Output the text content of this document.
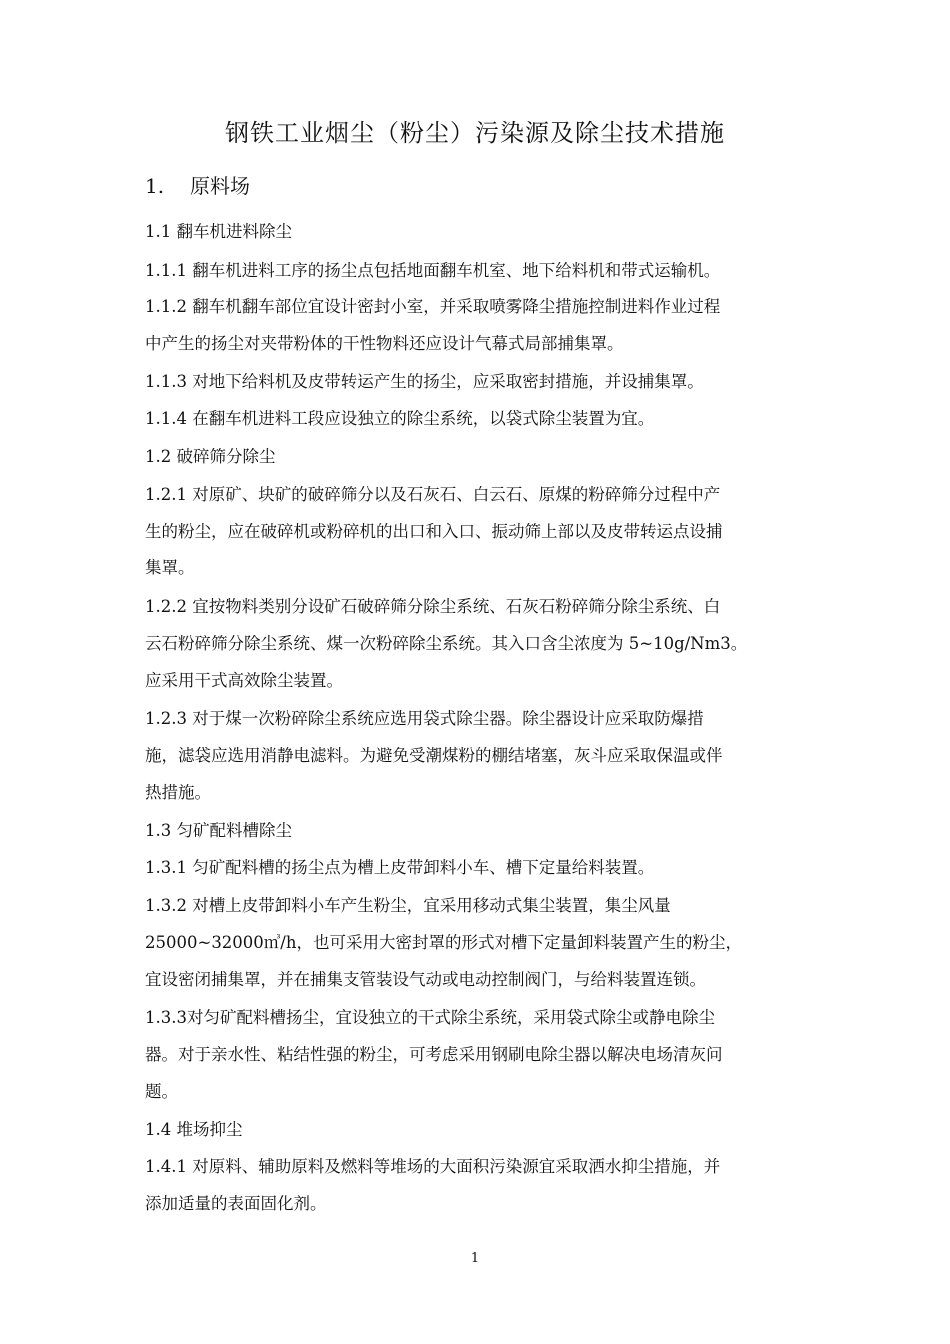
钢铁工业烟尘（粉尘）污染源及除尘技术措施
1. 原料场
1.1 翻车机进料除尘
1.1.1 翻车机进料工序的扬尘点包括地面翻车机室、地下给料机和带式运输机。
1.1.2 翻车机翻车部位宜设计密封小室，并采取喷雾降尘措施控制进料作业过程
中产生的扬尘对夹带粉体的干性物料还应设计气幕式局部捕集罩。
1.1.3 对地下给料机及皮带转运产生的扬尘，应采取密封措施，并设捕集罩。
1.1.4 在翻车机进料工段应设独立的除尘系统，以袋式除尘装置为宜。
1.2 破碎筛分除尘
1.2.1 对原矿、块矿的破碎筛分以及石灰石、白云石、原煤的粉碎筛分过程中产
生的粉尘，应在破碎机或粉碎机的出口和入口、振动筛上部以及皮带转运点设捕
集罩。
1.2.2 宜按物料类别分设矿石破碎筛分除尘系统、石灰石粉碎筛分除尘系统、白
云石粉碎筛分除尘系统、煤一次粉碎除尘系统。其入口含尘浓度为 5~10g/Nm3。
应采用干式高效除尘装置。
1.2.3 对于煤一次粉碎除尘系统应选用袋式除尘器。除尘器设计应采取防爆措
施，滤袋应选用消静电滤料。为避免受潮煤粉的棚结堵塞，灰斗应采取保温或伴
热措施。
1.3 匀矿配料槽除尘
1.3.1 匀矿配料槽的扬尘点为槽上皮带卸料小车、槽下定量给料装置。
1.3.2 对槽上皮带卸料小车产生粉尘，宜采用移动式集尘装置，集尘风量
25000~32000㎥/h，也可采用大密封罩的形式对槽下定量卸料装置产生的粉尘，
宜设密闭捕集罩，并在捕集支管装设气动或电动控制阀门，与给料装置连锁。
1.3.3对匀矿配料槽扬尘，宜设独立的干式除尘系统，采用袋式除尘或静电除尘
器。对于亲水性、粘结性强的粉尘，可考虑采用钢刷电除尘器以解决电场清灰问
题。
1.4 堆场抑尘
1.4.1 对原料、辅助原料及燃料等堆场的大面积污染源宜采取洒水抑尘措施，并
添加适量的表面固化剂。
1
